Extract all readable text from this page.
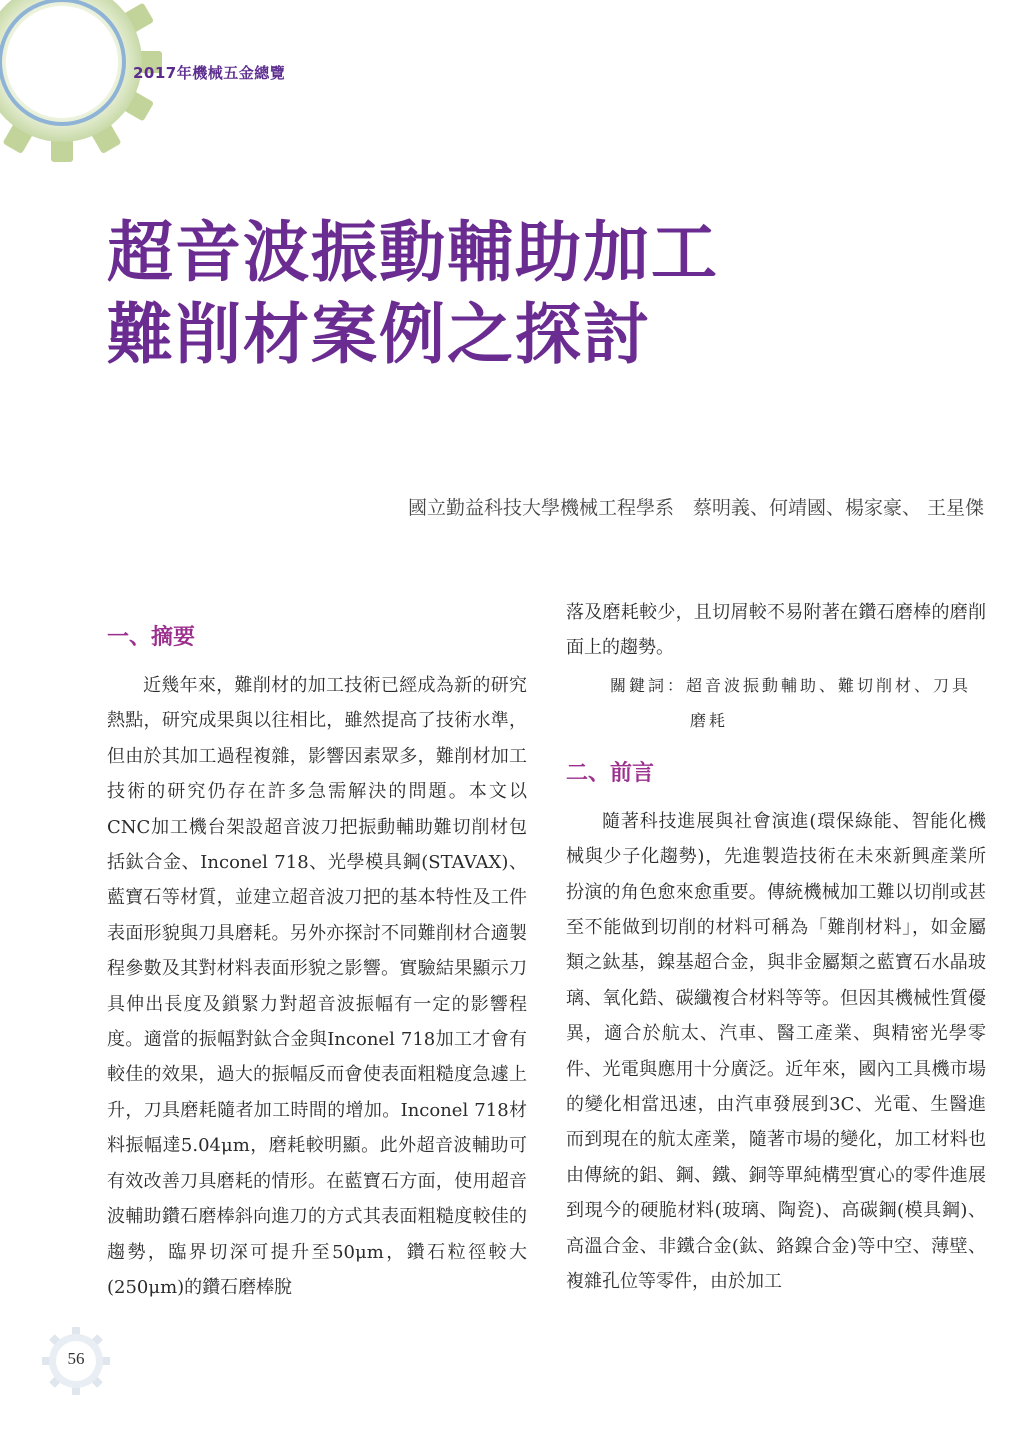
2017年機械五金總覽
超音波振動輔助加工
難削材案例之探討
國立勤益科技大學機械工程學系　蔡明義、何靖國、楊家豪、 王星傑
一、摘要

近幾年來，難削材的加工技術已經成為新的研究熱點，研究成果與以往相比，雖然提高了技術水準，但由於其加工過程複雜，影響因素眾多，難削材加工技術的研究仍存在許多急需解決的問題。本文以CNC加工機台架設超音波刀把振動輔助難切削材包括鈦合金、Inconel 718、光學模具鋼(STAVAX)、藍寶石等材質，並建立超音波刀把的基本特性及工件表面形貌與刀具磨耗。另外亦探討不同難削材合適製程參數及其對材料表面形貌之影響。實驗結果顯示刀具伸出長度及鎖緊力對超音波振幅有一定的影響程度。適當的振幅對鈦合金與Inconel 718加工才會有較佳的效果，過大的振幅反而會使表面粗糙度急遽上升，刀具磨耗隨者加工時間的增加。Inconel 718材料振幅達5.04μm，磨耗較明顯。此外超音波輔助可有效改善刀具磨耗的情形。在藍寶石方面，使用超音波輔助鑽石磨棒斜向進刀的方式其表面粗糙度較佳的趨勢，臨界切深可提升至50μm，鑽石粒徑較大(250μm)的鑽石磨棒脫

落及磨耗較少，且切屑較不易附著在鑽石磨棒的磨削面上的趨勢。

關鍵詞：超音波振動輔助、難切削材、刀具
磨耗

二、前言

隨著科技進展與社會演進(環保綠能、智能化機械與少子化趨勢)，先進製造技術在未來新興產業所扮演的角色愈來愈重要。傳統機械加工難以切削或甚至不能做到切削的材料可稱為「難削材料」，如金屬類之鈦基，鎳基超合金，與非金屬類之藍寶石水晶玻璃、氧化鋯、碳纖複合材料等等。但因其機械性質優異，適合於航太、汽車、醫工產業、與精密光學零件、光電與應用十分廣泛。近年來，國內工具機市場的變化相當迅速，由汽車發展到3C、光電、生醫進而到現在的航太產業，隨著市場的變化，加工材料也由傳統的鋁、鋼、鐵、銅等單純構型實心的零件進展到現今的硬脆材料(玻璃、陶瓷)、高碳鋼(模具鋼)、高溫合金、非鐵合金(鈦、鉻鎳合金)等中空、薄壁、複雜孔位等零件，由於加工

56
